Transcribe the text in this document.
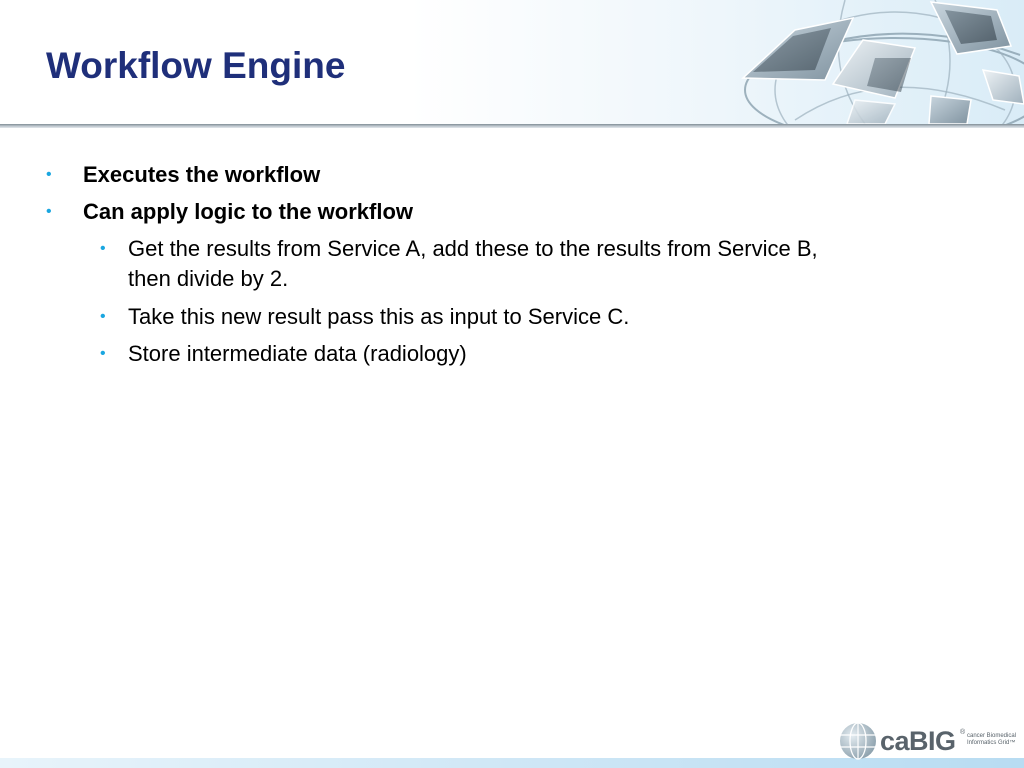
Workflow Engine
• Executes the workflow
• Can apply logic to the workflow
• Get the results from Service A, add these to the results from Service B,
then divide by 2.
• Take this new result pass this as input to Service C.
• Store intermediate data (radiology)
caBIG ® cancer Biomedical
Informatics Grid™
